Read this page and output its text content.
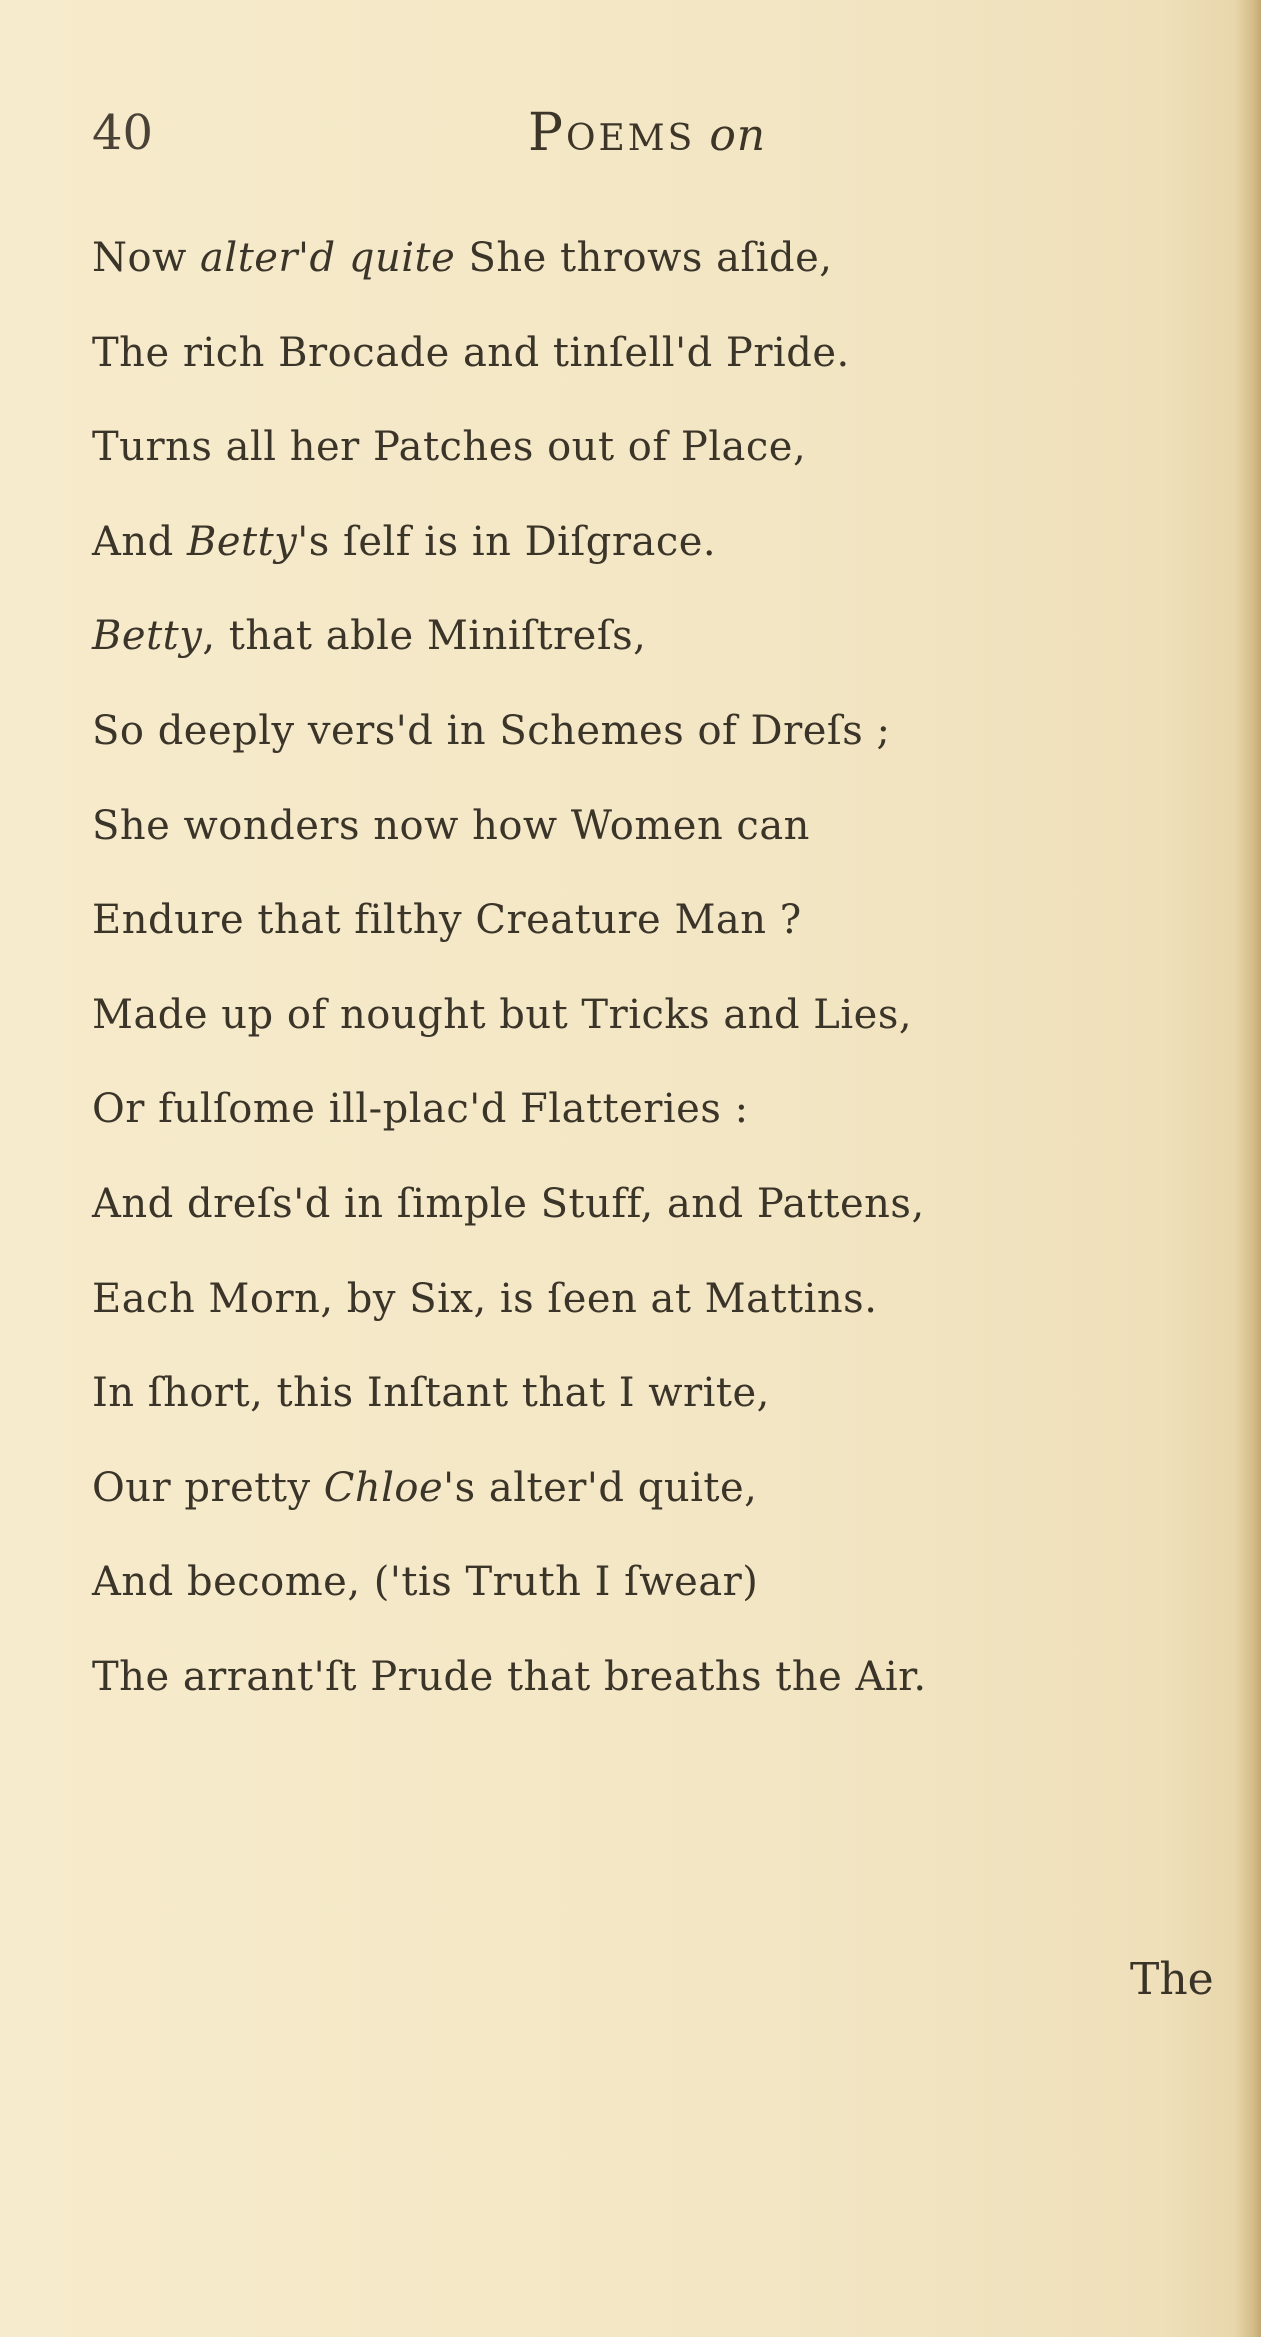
40	Poems on
Now alter'd quite She throws aſide,
The rich Brocade and tinſell'd Pride.
Turns all her Patches out of Place,
And Betty's ſelf is in Diſgrace.
Betty, that able Miniſtreſs,
So deeply vers'd in Schemes of Dreſs ;
She wonders now how Women can
Endure that filthy Creature Man ?
Made up of nought but Tricks and Lies,
Or fulſome ill-plac'd Flatteries :
And dreſs'd in ſimple Stuff, and Pattens,
Each Morn, by Six, is ſeen at Mattins.
In ſhort, this Inſtant that I write,
Our pretty Chloe's alter'd quite,
And become, ('tis Truth I ſwear)
The arrant'ſt Prude that breaths the Air.
The
